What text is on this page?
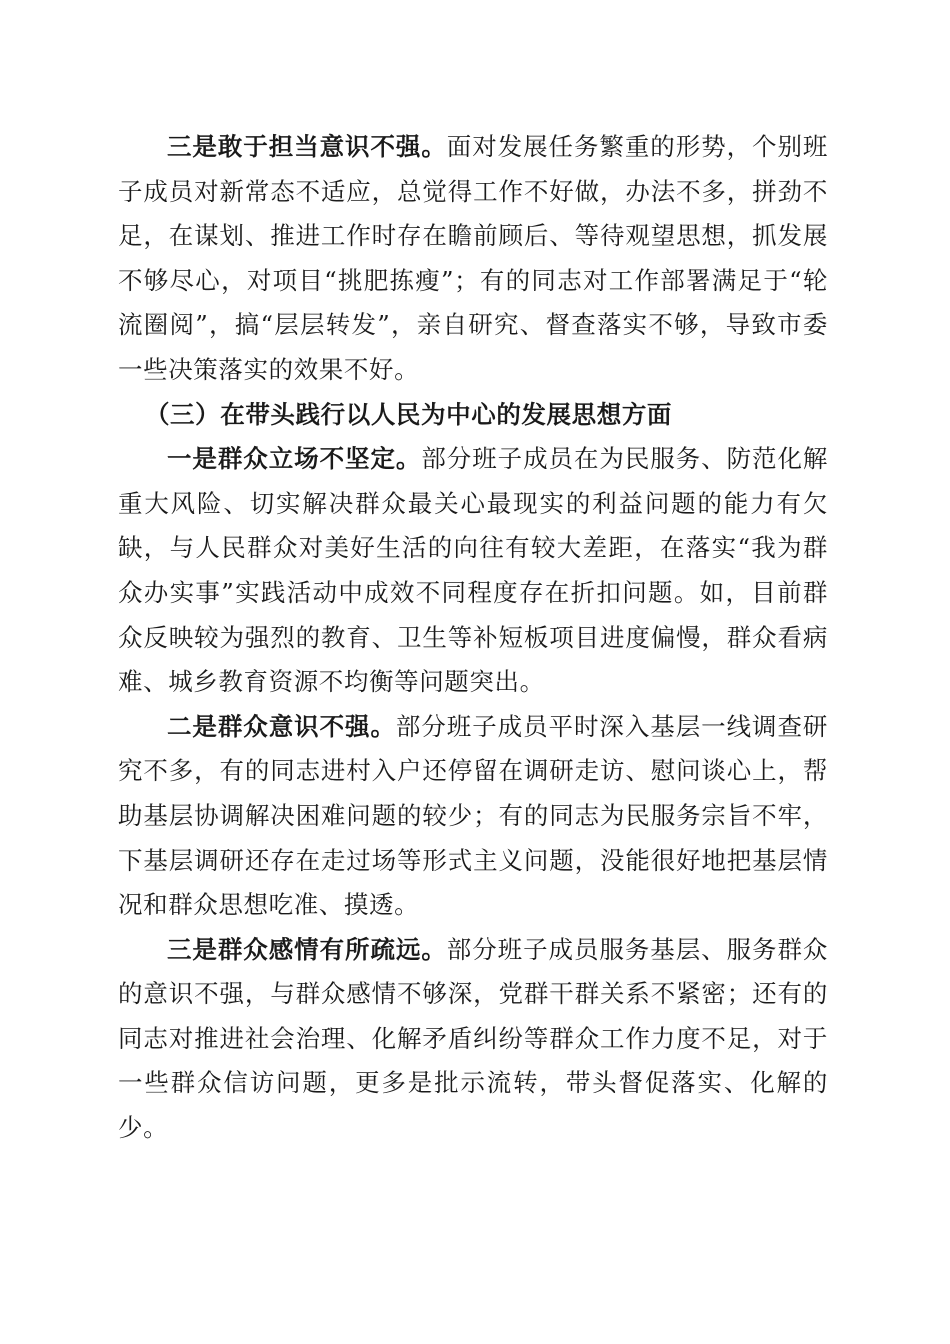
三是敢于担当意识不强。面对发展任务繁重的形势，个别班子成员对新常态不适应，总觉得工作不好做，办法不多，拼劲不足，在谋划、推进工作时存在瞻前顾后、等待观望思想，抓发展不够尽心，对项目“挑肥拣瘦”；有的同志对工作部署满足于“轮流圈阅”，搞“层层转发”，亲自研究、督查落实不够，导致市委一些决策落实的效果不好。

（三）在带头践行以人民为中心的发展思想方面

一是群众立场不坚定。部分班子成员在为民服务、防范化解重大风险、切实解决群众最关心最现实的利益问题的能力有欠缺，与人民群众对美好生活的向往有较大差距，在落实“我为群众办实事”实践活动中成效不同程度存在折扣问题。如，目前群众反映较为强烈的教育、卫生等补短板项目进度偏慢，群众看病难、城乡教育资源不均衡等问题突出。

二是群众意识不强。部分班子成员平时深入基层一线调查研究不多，有的同志进村入户还停留在调研走访、慰问谈心上，帮助基层协调解决困难问题的较少；有的同志为民服务宗旨不牢，下基层调研还存在走过场等形式主义问题，没能很好地把基层情况和群众思想吃准、摸透。

三是群众感情有所疏远。部分班子成员服务基层、服务群众的意识不强，与群众感情不够深，党群干群关系不紧密；还有的同志对推进社会治理、化解矛盾纠纷等群众工作力度不足，对于一些群众信访问题，更多是批示流转，带头督促落实、化解的少。
